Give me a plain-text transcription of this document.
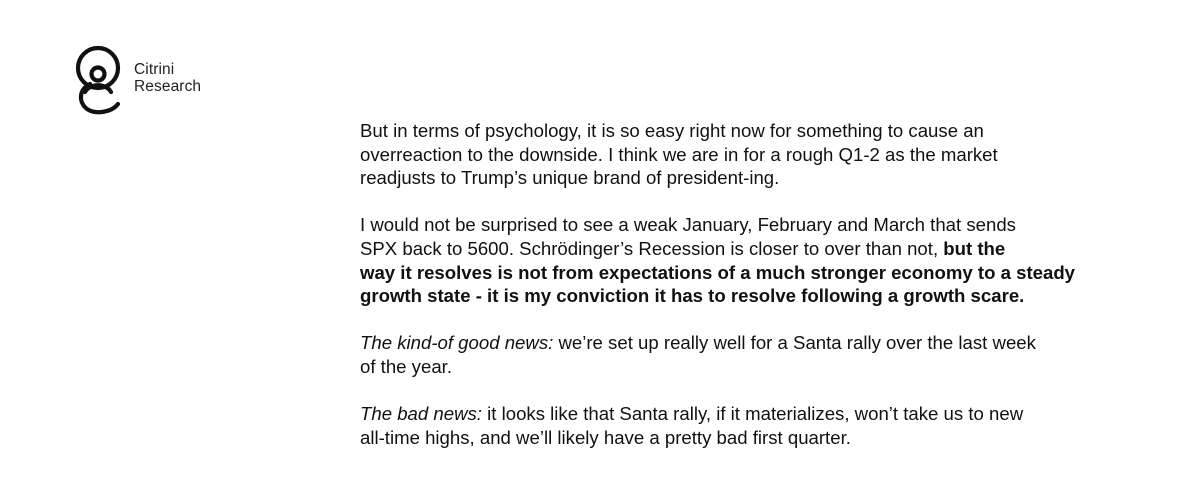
Citrini
Research

But in terms of psychology, it is so easy right now for something to cause an
overreaction to the downside. I think we are in for a rough Q1-2 as the market
readjusts to Trump’s unique brand of president-ing.

I would not be surprised to see a weak January, February and March that sends
SPX back to 5600. Schrödinger’s Recession is closer to over than not, but the
way it resolves is not from expectations of a much stronger economy to a steady
growth state - it is my conviction it has to resolve following a growth scare.

The kind-of good news: we’re set up really well for a Santa rally over the last week
of the year.

The bad news: it looks like that Santa rally, if it materializes, won’t take us to new
all-time highs, and we’ll likely have a pretty bad first quarter.
